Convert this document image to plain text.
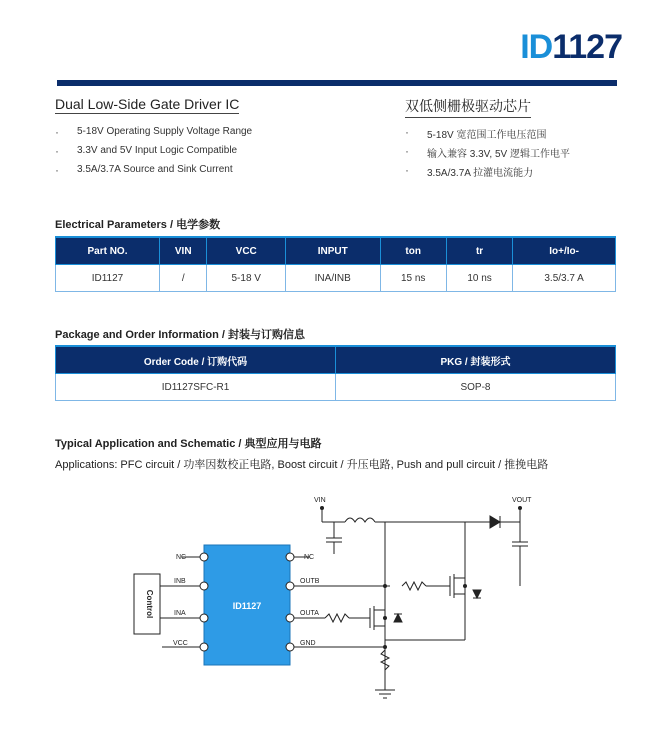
ID1127
Dual Low-Side Gate Driver IC	双低侧栅极驱动芯片
· 5-18V Operating Supply Voltage Range
· 3.3V and 5V Input Logic Compatible
· 3.5A/3.7A Source and Sink Current
· 5-18V 宽范围工作电压范围
· 输入兼容 3.3V, 5V 逻辑工作电平
· 3.5A/3.7A 拉灌电流能力
Electrical Parameters / 电学参数
Part NO.	VIN	VCC	INPUT	ton	tr	Io+/Io-
ID1127	/	5-18 V	INA/INB	15 ns	10 ns	3.5/3.7 A
Package and Order Information / 封装与订购信息
Order Code / 订购代码	PKG / 封装形式
ID1127SFC-R1	SOP-8
Typical Application and Schematic / 典型应用与电路
Applications: PFC circuit / 功率因数校正电路, Boost circuit / 升压电路, Push and pull circuit / 推挽电路
ID1127
Control
NC
INB
INA
VCC
NC
OUTB
OUTA
GND
VIN	VOUT
